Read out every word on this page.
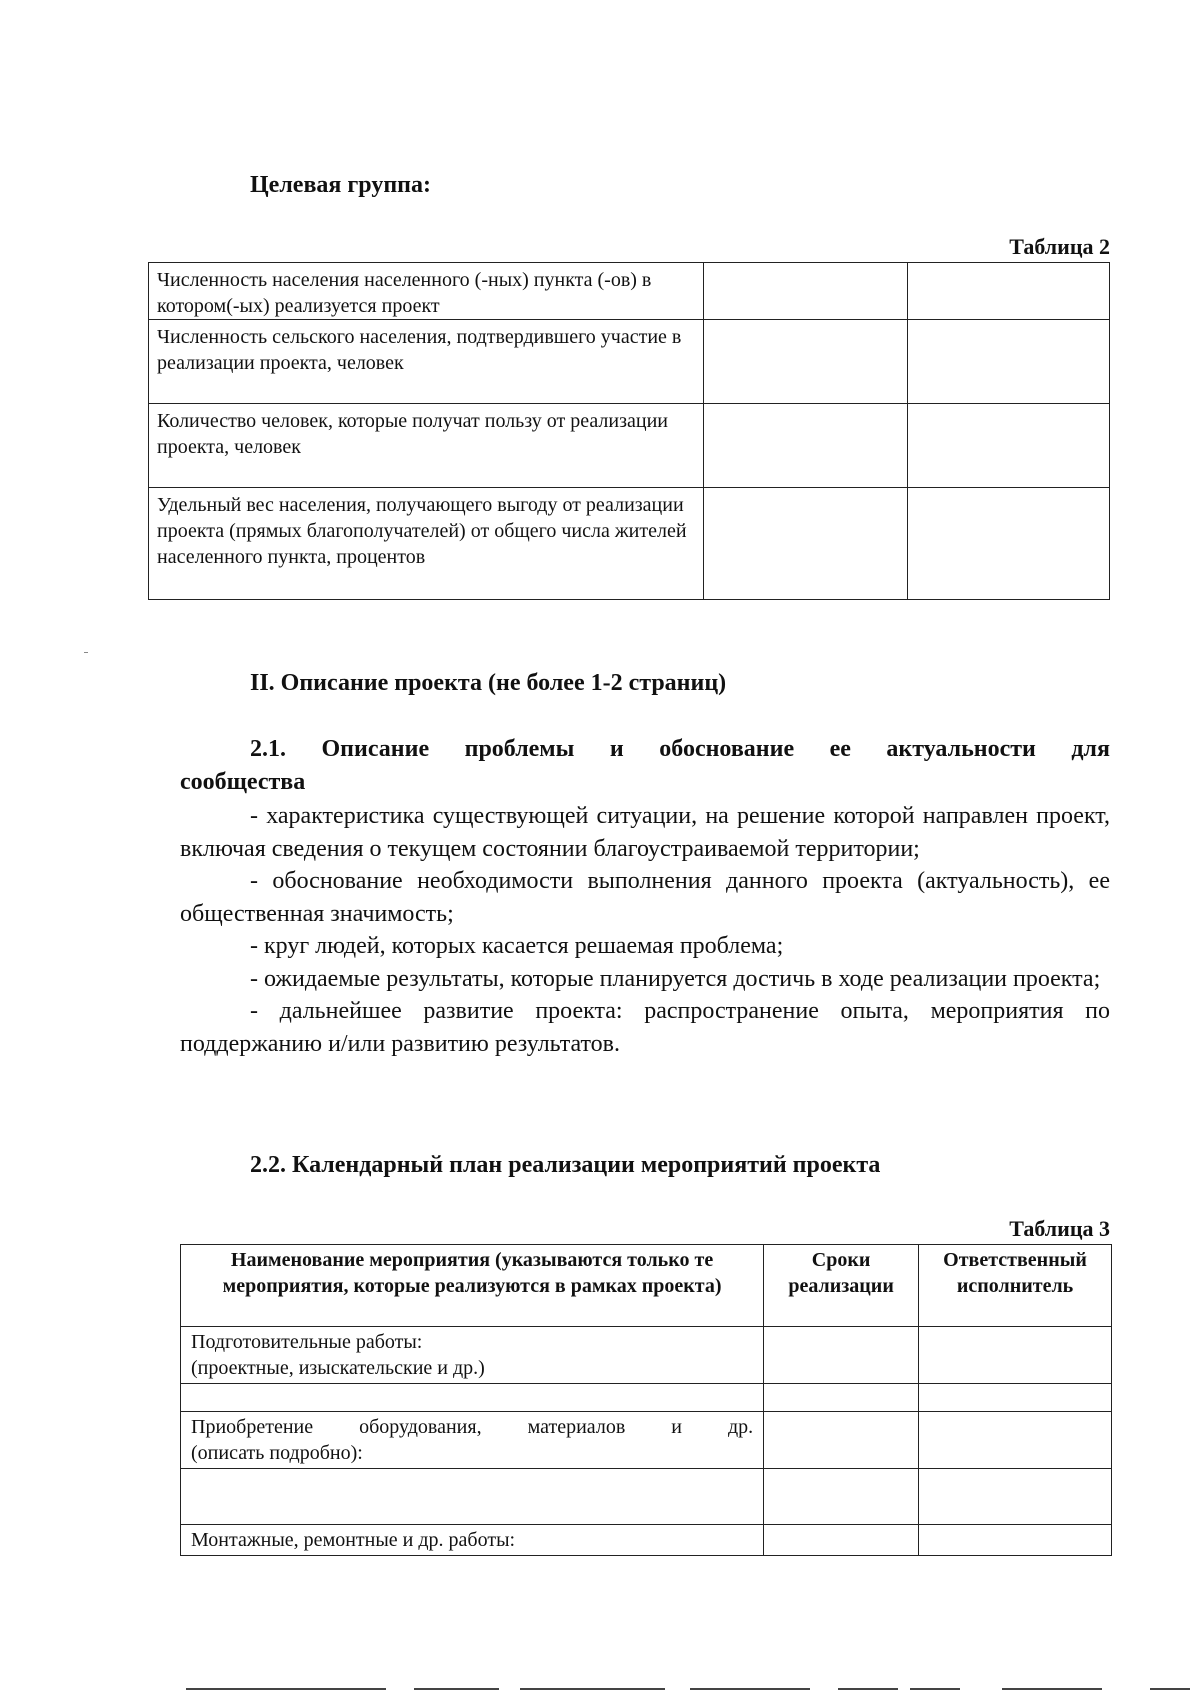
Целевая группа:
Таблица 2
Численность населения населенного (-ных) пункта (-ов) в котором(-ых) реализуется проект		
Численность сельского населения, подтвердившего участие в реализации проекта, человек		
Количество человек, которые получат пользу от реализации проекта, человек		
Удельный вес населения, получающего выгоду от реализации проекта (прямых благополучателей) от общего числа жителей населенного пункта, процентов		
II. Описание проекта (не более 1-2 страниц)
2.1. Описание проблемы и обоснование ее актуальности для
сообщества

- характеристика существующей ситуации, на решение которой направлен проект, включая сведения о текущем состоянии благоустраиваемой территории;

- обоснование необходимости выполнения данного проекта (актуальность), ее общественная значимость;

- круг людей, которых касается решаемая проблема;

- ожидаемые результаты, которые планируется достичь в ходе реализации проекта;

- дальнейшее развитие проекта: распространение опыта, мероприятия по поддержанию и/или развитию результатов.

2.2. Календарный план реализации мероприятий проекта
Таблица 3
Наименование мероприятия (указываются только те мероприятия, которые реализуются в рамках проекта)	Сроки реализации	Ответственный исполнитель

Подготовительные работы:
(проектные, изыскательские и др.)		

Приобретение оборудования, материалов и др.
(описать подробно):		

Монтажные, ремонтные и др. работы:		
